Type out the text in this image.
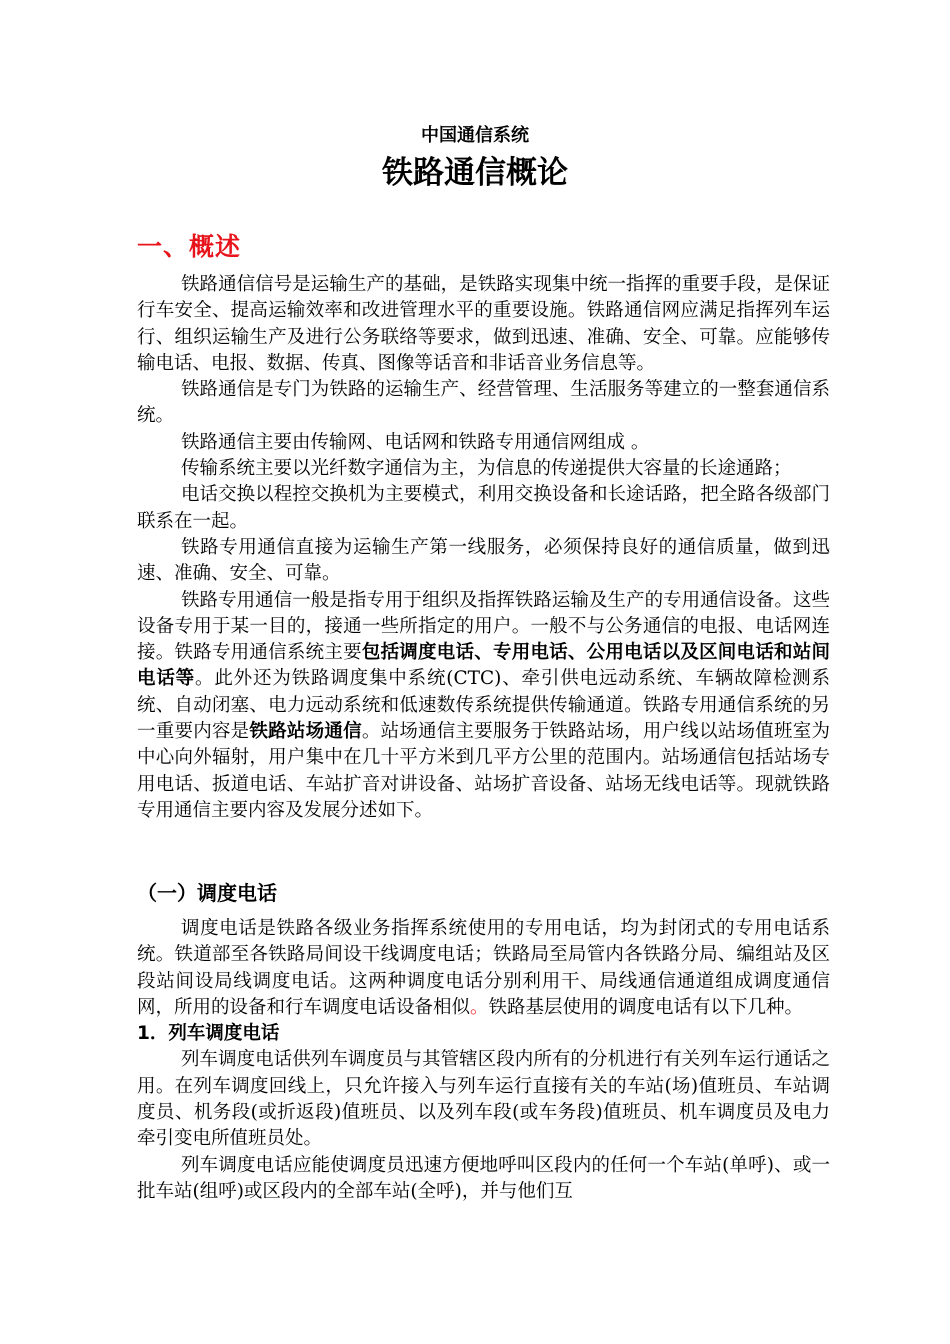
中国通信系统
铁路通信概论
一、概述

铁路通信信号是运输生产的基础，是铁路实现集中统一指挥的重要手段，是保证行车安全、提高运输效率和改进管理水平的重要设施。铁路通信网应满足指挥列车运行、组织运输生产及进行公务联络等要求，做到迅速、准确、安全、可靠。应能够传输电话、电报、数据、传真、图像等话音和非话音业务信息等。

铁路通信是专门为铁路的运输生产、经营管理、生活服务等建立的一整套通信系统。

铁路通信主要由传输网、电话网和铁路专用通信网组成 。

传输系统主要以光纤数字通信为主，为信息的传递提供大容量的长途通路；

电话交换以程控交换机为主要模式，利用交换设备和长途话路，把全路各级部门联系在一起。

铁路专用通信直接为运输生产第一线服务，必须保持良好的通信质量，做到迅速、准确、安全、可靠。

铁路专用通信一般是指专用于组织及指挥铁路运输及生产的专用通信设备。这些设备专用于某一目的，接通一些所指定的用户。一般不与公务通信的电报、电话网连接。铁路专用通信系统主要包括调度电话、专用电话、公用电话以及区间电话和站间电话等。此外还为铁路调度集中系统(CTC)、牵引供电远动系统、车辆故障检测系统、自动闭塞、电力远动系统和低速数传系统提供传输通道。铁路专用通信系统的另一重要内容是铁路站场通信。站场通信主要服务于铁路站场，用户线以站场值班室为中心向外辐射，用户集中在几十平方米到几平方公里的范围内。站场通信包括站场专用电话、扳道电话、车站扩音对讲设备、站场扩音设备、站场无线电话等。现就铁路专用通信主要内容及发展分述如下。

（一）调度电话

调度电话是铁路各级业务指挥系统使用的专用电话，均为封闭式的专用电话系统。铁道部至各铁路局间设干线调度电话；铁路局至局管内各铁路分局、编组站及区段站间设局线调度电话。这两种调度电话分别利用干、局线通信通道组成调度通信网，所用的设备和行车调度电话设备相似。铁路基层使用的调度电话有以下几种。

1．列车调度电话

列车调度电话供列车调度员与其管辖区段内所有的分机进行有关列车运行通话之用。在列车调度回线上，只允许接入与列车运行直接有关的车站(场)值班员、车站调度员、机务段(或折返段)值班员、以及列车段(或车务段)值班员、机车调度员及电力牵引变电所值班员处。

列车调度电话应能使调度员迅速方便地呼叫区段内的任何一个车站(单呼)、或一批车站(组呼)或区段内的全部车站(全呼)，并与他们互
